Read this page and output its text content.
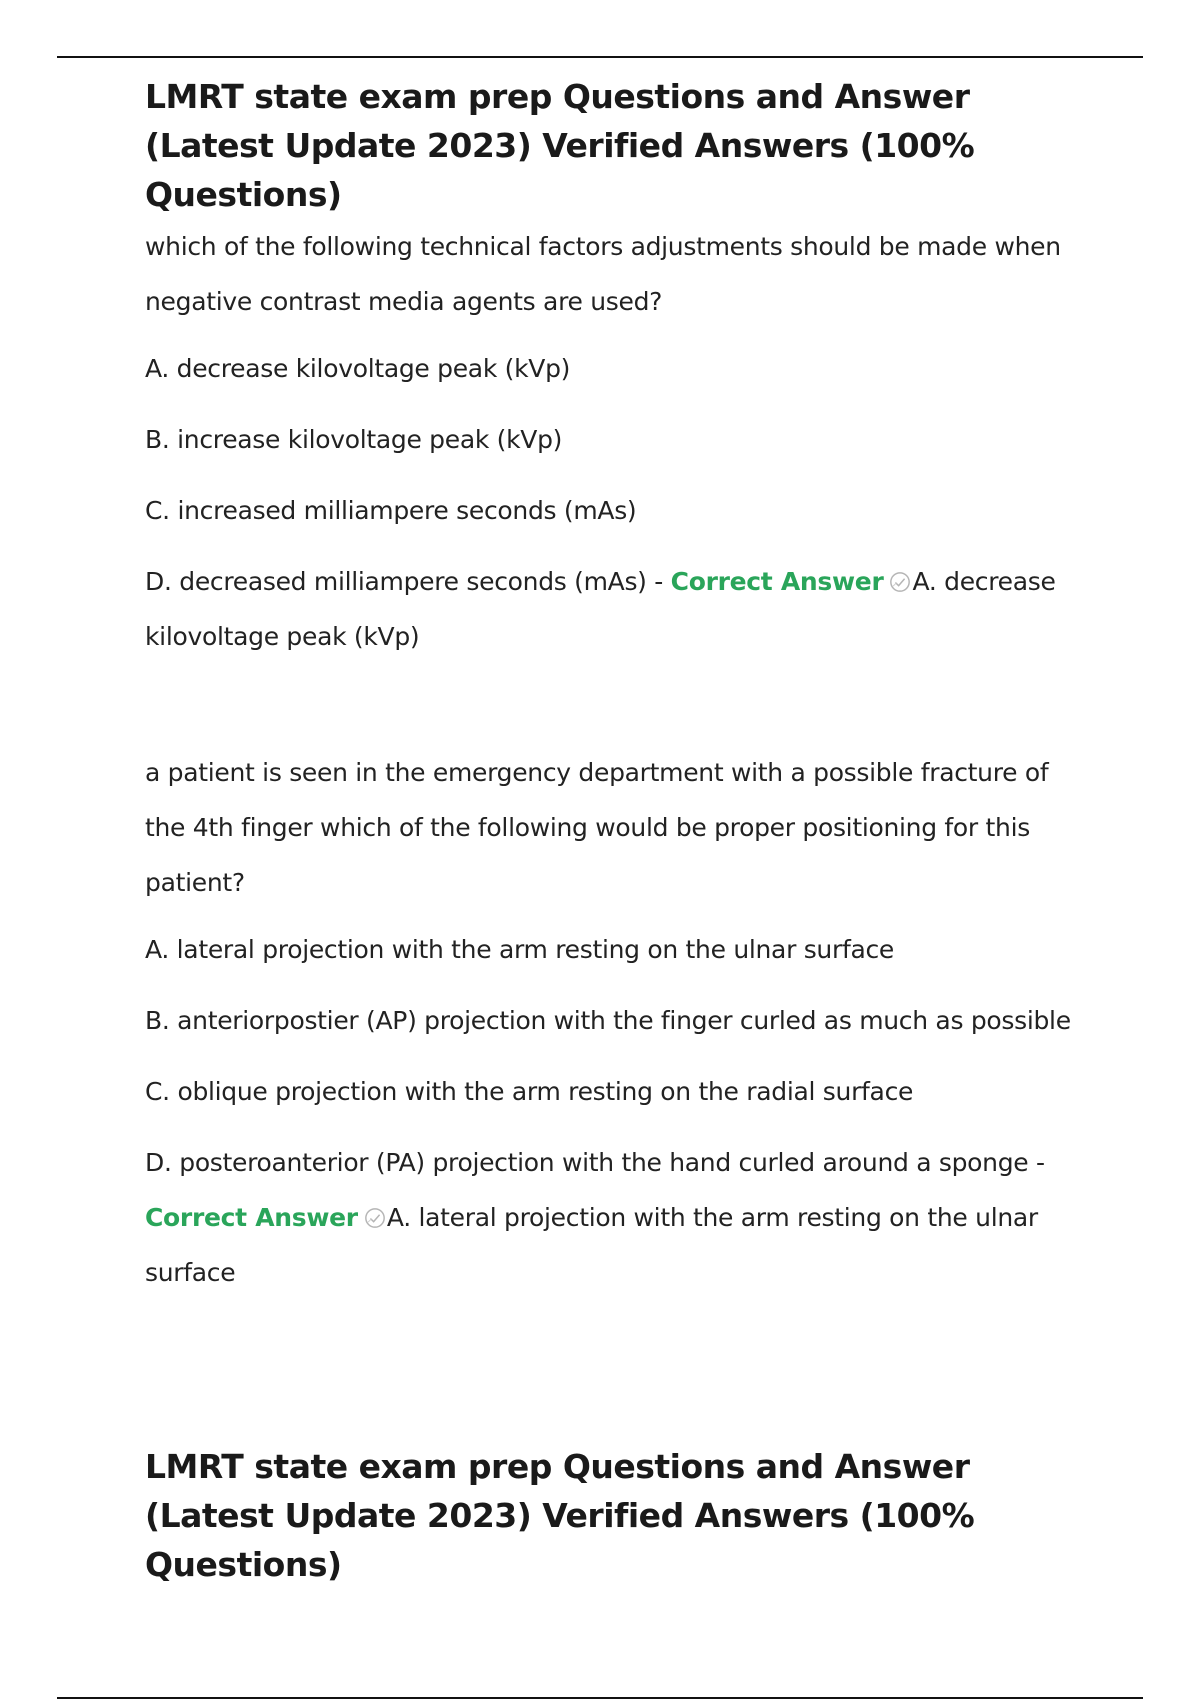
LMRT state exam prep Questions and Answer (Latest Update 2023) Verified Answers (100% Questions)

which of the following technical factors adjustments should be made when negative contrast media agents are used?

A. decrease kilovoltage peak (kVp)

B. increase kilovoltage peak (kVp)

C. increased milliampere seconds (mAs)

D. decreased milliampere seconds (mAs) - Correct Answer A. decrease kilovoltage peak (kVp)

a patient is seen in the emergency department with a possible fracture of the 4th finger which of the following would be proper positioning for this patient?

A. lateral projection with the arm resting on the ulnar surface

B. anteriorpostier (AP) projection with the finger curled as much as possible

C. oblique projection with the arm resting on the radial surface

D. posteroanterior (PA) projection with the hand curled around a sponge - Correct Answer A. lateral projection with the arm resting on the ulnar surface

LMRT state exam prep Questions and Answer (Latest Update 2023) Verified Answers (100% Questions)
